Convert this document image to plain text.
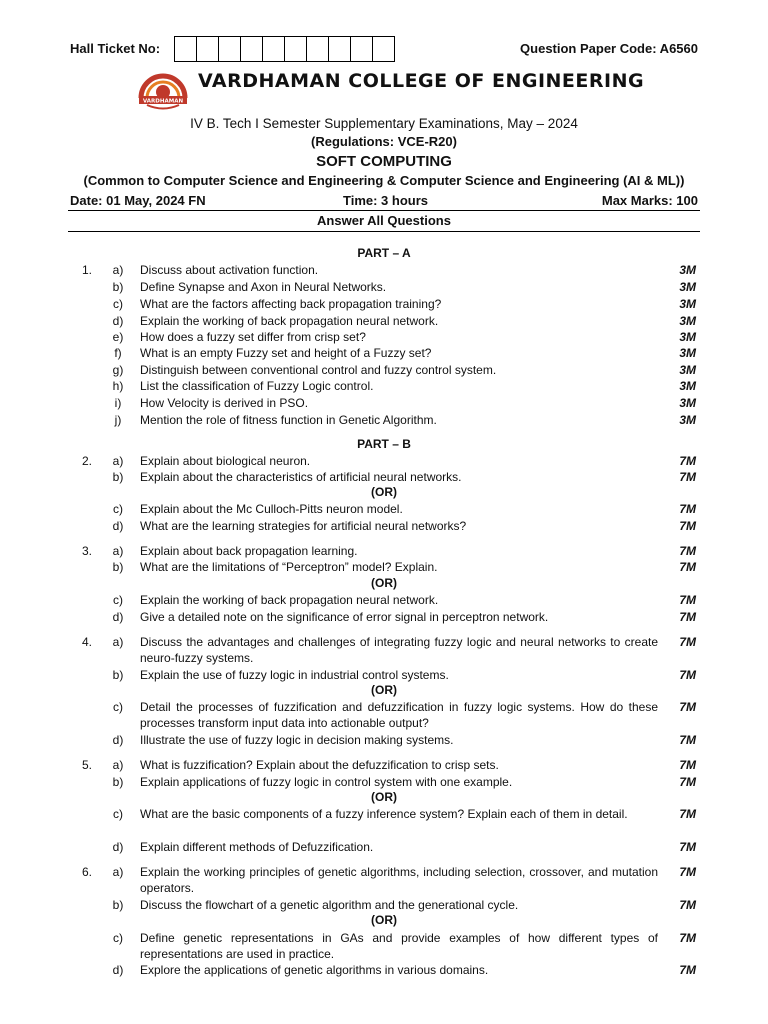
Hall Ticket No:	Question Paper Code: A6560
VARDHAMAN
VARDHAMAN COLLEGE OF ENGINEERING
IV B. Tech I Semester Supplementary Examinations, May – 2024
(Regulations: VCE-R20)
SOFT COMPUTING
(Common to Computer Science and Engineering & Computer Science and Engineering (AI & ML))
Date: 01 May, 2024 FN	Time: 3 hours	Max Marks: 100
Answer All Questions
PART – A
1.	a)	Discuss about activation function.	3M
b)	Define Synapse and Axon in Neural Networks.	3M
c)	What are the factors affecting back propagation training?	3M
d)	Explain the working of back propagation neural network.	3M
e)	How does a fuzzy set differ from crisp set?	3M
f)	What is an empty Fuzzy set and height of a Fuzzy set?	3M
g)	Distinguish between conventional control and fuzzy control system.	3M
h)	List the classification of Fuzzy Logic control.	3M
i)	How Velocity is derived in PSO.	3M
j)	Mention the role of fitness function in Genetic Algorithm.	3M
PART – B
2.	a)	Explain about biological neuron.	7M
b)	Explain about the characteristics of artificial neural networks.	7M
(OR)
c)	Explain about the Mc Culloch-Pitts neuron model.	7M
d)	What are the learning strategies for artificial neural networks?	7M
3.	a)	Explain about back propagation learning.	7M
b)	What are the limitations of “Perceptron” model? Explain.	7M
(OR)
c)	Explain the working of back propagation neural network.	7M
d)	Give a detailed note on the significance of error signal in perceptron network.	7M
4.	a)	Discuss the advantages and challenges of integrating fuzzy logic and neural networks to create neuro-fuzzy systems.
7M
b)	Explain the use of fuzzy logic in industrial control systems.	7M
(OR)
c)	Detail the processes of fuzzification and defuzzification in fuzzy logic systems. How do these processes transform input data into actionable output?
7M
d)	Illustrate the use of fuzzy logic in decision making systems.	7M
5.	a)	What is fuzzification? Explain about the defuzzification to crisp sets.	7M
b)	Explain applications of fuzzy logic in control system with one example.	7M
(OR)
c)	What are the basic components of a fuzzy inference system? Explain each of them in detail.	7M
d)	Explain different methods of Defuzzification.	7M
6.	a)	Explain the working principles of genetic algorithms, including selection, crossover, and mutation operators.
7M
b)	Discuss the flowchart of a genetic algorithm and the generational cycle.	7M
(OR)
c)	Define genetic representations in GAs and provide examples of how different types of representations are used in practice.
7M
d)	Explore the applications of genetic algorithms in various domains.	7M
